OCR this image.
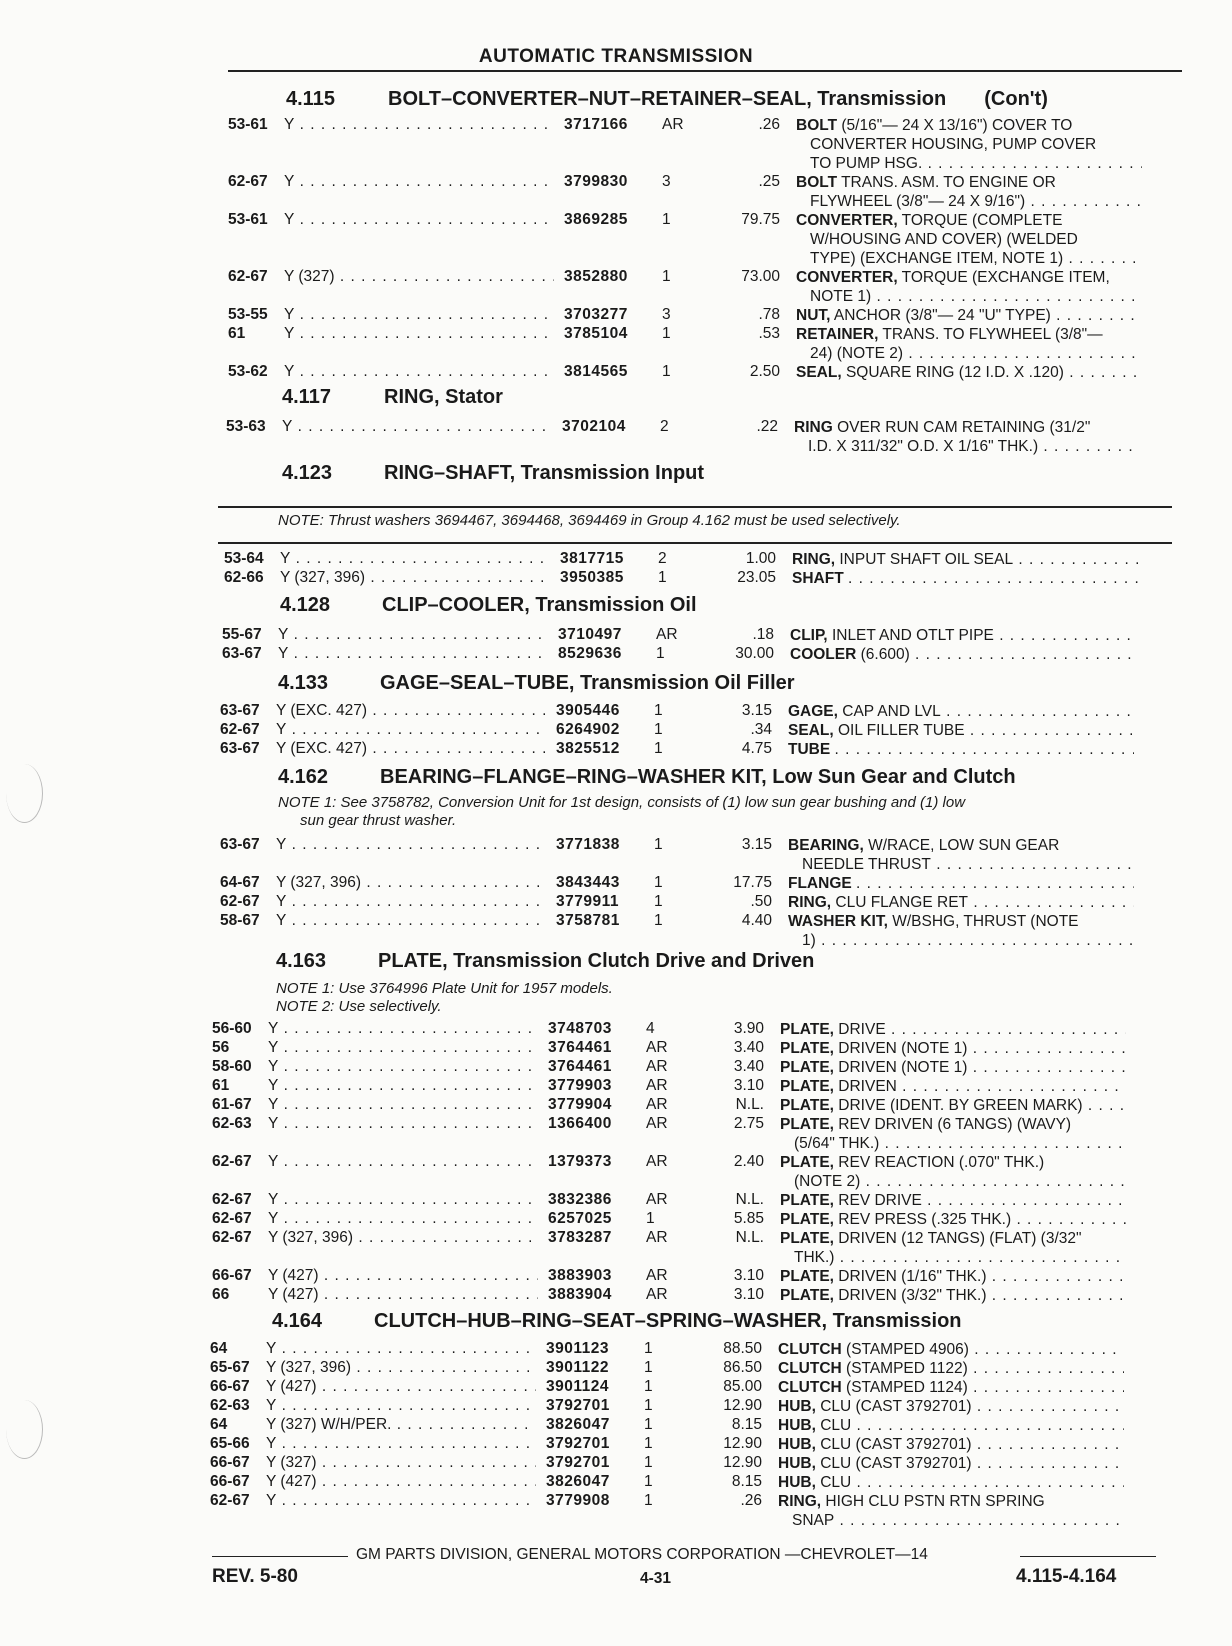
AUTOMATIC TRANSMISSION
4.115	BOLT–CONVERTER–NUT–RETAINER–SEAL, Transmission (Con't)
53-61	Y . . .	3717166	AR	.26 BOLT (5/16"— 24 X 13/16") COVER TO
CONVERTER HOUSING, PUMP COVER
TO PUMP HSG. . . .
62-67	Y . . .	3799830	3	.25 BOLT TRANS. ASM. TO ENGINE OR
FLYWHEEL (3/8"— 24 X 9/16") . . .
53-61	Y . . .	3869285	1	79.75 CONVERTER, TORQUE (COMPLETE
W/HOUSING AND COVER) (WELDED
TYPE) (EXCHANGE ITEM, NOTE 1) . . .
62-67	Y (327) . . .	3852880	1	73.00 CONVERTER, TORQUE (EXCHANGE ITEM,
NOTE 1) . . .
53-55	Y . . .	3703277	3	.78 NUT, ANCHOR (3/8"— 24 "U" TYPE) . . .
61	Y . . .	3785104	1	.53 RETAINER, TRANS. TO FLYWHEEL (3/8"—
24) (NOTE 2) . . .
53-62	Y . . .	3814565	1	2.50 SEAL, SQUARE RING (12 I.D. X .120) . . .
4.117	RING, Stator
53-63	Y . . .	3702104	2	.22 RING OVER RUN CAM RETAINING (31/2"
I.D. X 311/32" O.D. X 1/16" THK.) . . .
4.123	RING–SHAFT, Transmission Input
NOTE: Thrust washers 3694467, 3694468, 3694469 in Group 4.162 must be used selectively.
53-64	Y . . .	3817715	2	1.00 RING, INPUT SHAFT OIL SEAL . . .
62-66	Y (327, 396) . . .	3950385	1	23.05 SHAFT . . .
4.128	CLIP–COOLER, Transmission Oil
55-67	Y . . .	3710497	AR	.18 CLIP, INLET AND OTLT PIPE . . .
63-67	Y . . .	8529636	1	30.00 COOLER (6.600) . . .
4.133	GAGE–SEAL–TUBE, Transmission Oil Filler
63-67	Y (EXC. 427) . . .	3905446	1	3.15 GAGE, CAP AND LVL . . .
62-67	Y . . .	6264902	1	.34 SEAL, OIL FILLER TUBE . . .
63-67	Y (EXC. 427) . . .	3825512	1	4.75 TUBE . . .
4.162	BEARING–FLANGE–RING–WASHER KIT, Low Sun Gear and Clutch
NOTE 1: See 3758782, Conversion Unit for 1st design, consists of (1) low sun gear bushing and (1) low
sun gear thrust washer.
63-67	Y . . .	3771838	1	3.15 BEARING, W/RACE, LOW SUN GEAR
NEEDLE THRUST . . .
64-67	Y (327, 396) . . .	3843443	1	17.75 FLANGE . . .
62-67	Y . . .	3779911	1	.50 RING, CLU FLANGE RET . . .
58-67	Y . . .	3758781	1	4.40 WASHER KIT, W/BSHG, THRUST (NOTE
1) . . .
4.163	PLATE, Transmission Clutch Drive and Driven
NOTE 1: Use 3764996 Plate Unit for 1957 models.
NOTE 2: Use selectively.
56-60	Y . . .	3748703	4	3.90 PLATE, DRIVE . . .
56	Y . . .	3764461	AR	3.40 PLATE, DRIVEN (NOTE 1) . . .
58-60	Y . . .	3764461	AR	3.40 PLATE, DRIVEN (NOTE 1) . . .
61	Y . . .	3779903	AR	3.10 PLATE, DRIVEN . . .
61-67	Y . . .	3779904	AR	N.L. PLATE, DRIVE (IDENT. BY GREEN MARK) . . .
62-63	Y . . .	1366400	AR	2.75 PLATE, REV DRIVEN (6 TANGS) (WAVY)
(5/64" THK.) . . .
62-67	Y . . .	1379373	AR	2.40 PLATE, REV REACTION (.070" THK.)
(NOTE 2) . . .
62-67	Y . . .	3832386	AR	N.L. PLATE, REV DRIVE . . .
62-67	Y . . .	6257025	1	5.85 PLATE, REV PRESS (.325 THK.) . . .
62-67	Y (327, 396) . . .	3783287	AR	N.L. PLATE, DRIVEN (12 TANGS) (FLAT) (3/32"
THK.) . . .
66-67	Y (427) . . .	3883903	AR	3.10 PLATE, DRIVEN (1/16" THK.) . . .
66	Y (427) . . .	3883904	AR	3.10 PLATE, DRIVEN (3/32" THK.) . . .
4.164	CLUTCH–HUB–RING–SEAT–SPRING–WASHER, Transmission
64	Y . . .	3901123	1	88.50 CLUTCH (STAMPED 4906) . . .
65-67	Y (327, 396) . . .	3901122	1	86.50 CLUTCH (STAMPED 1122) . . .
66-67	Y (427) . . .	3901124	1	85.00 CLUTCH (STAMPED 1124) . . .
62-63	Y . . .	3792701	1	12.90 HUB, CLU (CAST 3792701) . . .
64	Y (327) W/H/PER. . . .	3826047	1	8.15 HUB, CLU . . .
65-66	Y . . .	3792701	1	12.90 HUB, CLU (CAST 3792701) . . .
66-67	Y (327) . . .	3792701	1	12.90 HUB, CLU (CAST 3792701) . . .
66-67	Y (427) . . .	3826047	1	8.15 HUB, CLU . . .
62-67	Y . . .	3779908	1	.26 RING, HIGH CLU PSTN RTN SPRING
SNAP . . .
GM PARTS DIVISION, GENERAL MOTORS CORPORATION —CHEVROLET—14
REV. 5-80	4-31	4.115-4.164
